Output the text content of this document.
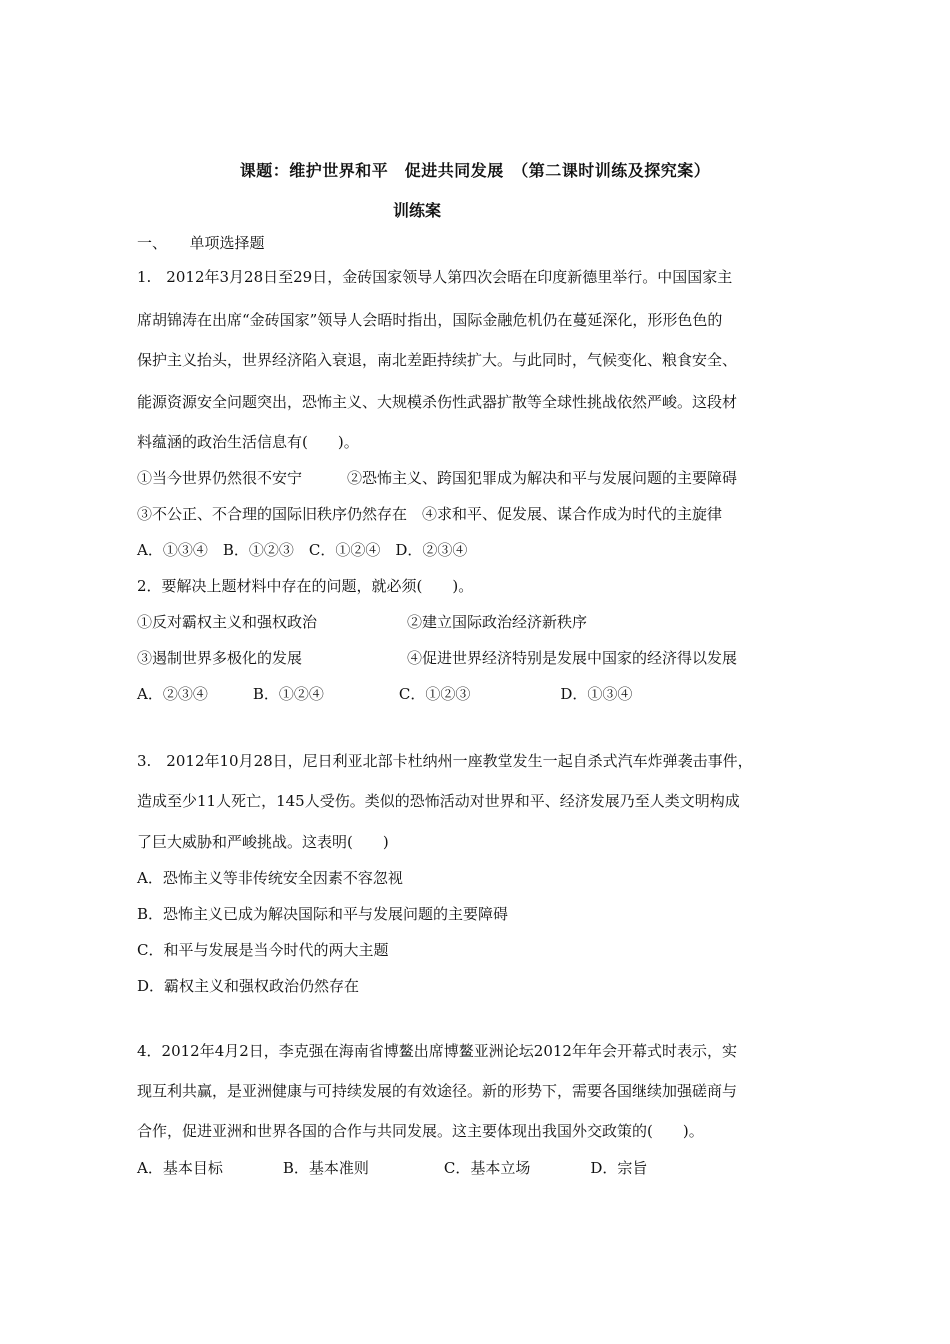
课题：维护世界和平　促进共同发展　（第二课时训练及探究案）
训练案
一、　　单项选择题
1.　2012年3月28日至29日，金砖国家领导人第四次会晤在印度新德里举行。中国国家主
席胡锦涛在出席“金砖国家”领导人会晤时指出，国际金融危机仍在蔓延深化，形形色色的
保护主义抬头，世界经济陷入衰退，南北差距持续扩大。与此同时，气候变化、粮食安全、
能源资源安全问题突出，恐怖主义、大规模杀伤性武器扩散等全球性挑战依然严峻。这段材
料蕴涵的政治生活信息有(　　)。
①当今世界仍然很不安宁　　　②恐怖主义、跨国犯罪成为解决和平与发展问题的主要障碍
③不公正、不合理的国际旧秩序仍然存在　④求和平、促发展、谋合作成为时代的主旋律
A．①③④　B．①②③　C．①②④　D．②③④
2．要解决上题材料中存在的问题，就必须(　　)。
①反对霸权主义和强权政治　　　　　　②建立国际政治经济新秩序
③遏制世界多极化的发展　　　　　　　④促进世界经济特别是发展中国家的经济得以发展
A．②③④　　　B．①②④　　　　　C．①②③　　　　　　D．①③④
3.　2012年10月28日，尼日利亚北部卡杜纳州一座教堂发生一起自杀式汽车炸弹袭击事件，
造成至少11人死亡，145人受伤。类似的恐怖活动对世界和平、经济发展乃至人类文明构成
了巨大威胁和严峻挑战。这表明(　　)
A．恐怖主义等非传统安全因素不容忽视
B．恐怖主义已成为解决国际和平与发展问题的主要障碍
C．和平与发展是当今时代的两大主题
D．霸权主义和强权政治仍然存在
4．2012年4月2日，李克强在海南省博鳌出席博鳌亚洲论坛2012年年会开幕式时表示，实
现互利共赢，是亚洲健康与可持续发展的有效途径。新的形势下，需要各国继续加强磋商与
合作，促进亚洲和世界各国的合作与共同发展。这主要体现出我国外交政策的(　　)。
A．基本目标　　　　B．基本准则　　　　　C．基本立场　　　　D．宗旨
